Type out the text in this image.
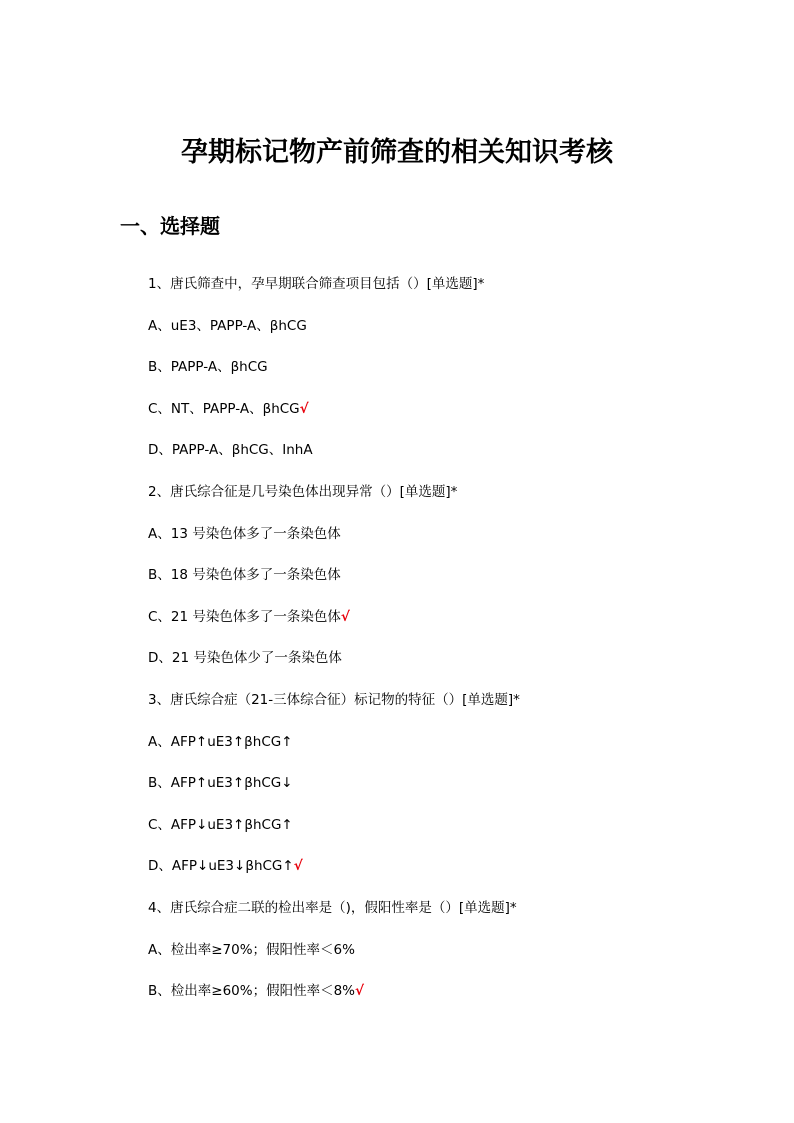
孕期标记物产前筛查的相关知识考核
一、选择题
1、唐氏筛查中，孕早期联合筛查项目包括（）[单选题]*
A、uE3、PAPP-A、βhCG
B、PAPP-A、βhCG
C、NT、PAPP-A、βhCG√
D、PAPP-A、βhCG、InhA
2、唐氏综合征是几号染色体出现异常（）[单选题]*
A、13 号染色体多了一条染色体
B、18 号染色体多了一条染色体
C、21 号染色体多了一条染色体√
D、21 号染色体少了一条染色体
3、唐氏综合症（21-三体综合征）标记物的特征（）[单选题]*
A、AFP↑uE3↑βhCG↑
B、AFP↑uE3↑βhCG↓
C、AFP↓uE3↑βhCG↑
D、AFP↓uE3↓βhCG↑√
4、唐氏综合症二联的检出率是（)，假阳性率是（）[单选题]*
A、检出率≥70%；假阳性率＜6%
B、检出率≥60%；假阳性率＜8%√
